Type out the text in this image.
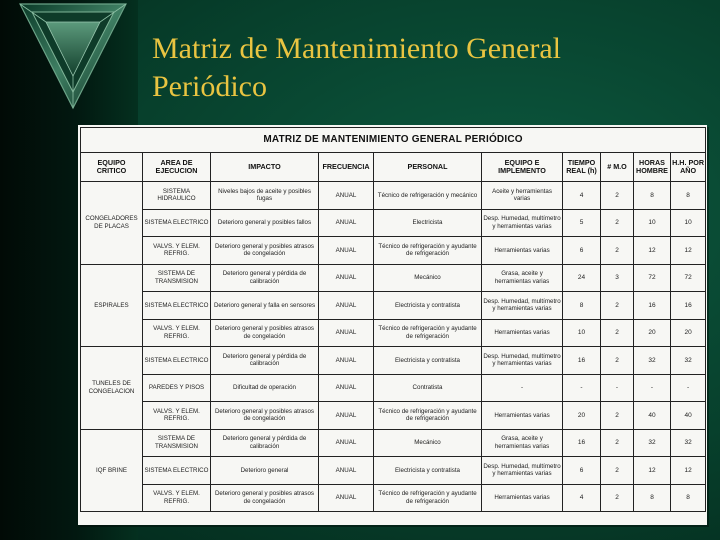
Matriz de Mantenimiento General
Periódico
MATRIZ DE MANTENIMIENTO GENERAL PERIÓDICO									
EQUIPO CRITICO	AREA DE EJECUCION	IMPACTO	FRECUENCIA	PERSONAL	EQUIPO E IMPLEMENTO	TIEMPO REAL (h)	# M.O	HORAS HOMBRE	H.H. POR AÑO
CONGELADORES DE PLACAS	SISTEMA HIDRAULICO	Niveles bajos de aceite y posibles fugas	ANUAL	Técnico de refrigeración y mecánico	Aceite y herramientas varias	4	2	8	8
	SISTEMA ELECTRICO	Deterioro general y posibles fallos	ANUAL	Electricista	Desp. Humedad, multímetro y herramientas varias	5	2	10	10
	VALVS. Y ELEM. REFRIG.	Deterioro general y posibles atrasos de congelación	ANUAL	Técnico de refrigeración y ayudante de refrigeración	Herramientas varias	6	2	12	12
ESPIRALES	SISTEMA DE TRANSMISION	Deterioro general y pérdida de calibración	ANUAL	Mecánico	Grasa, aceite y herramientas varias	24	3	72	72
	SISTEMA ELECTRICO	Deterioro general y falla en sensores	ANUAL	Electricista y contratista	Desp. Humedad, multímetro y herramientas varias	8	2	16	16
	VALVS. Y ELEM. REFRIG.	Deterioro general y posibles atrasos de congelación	ANUAL	Técnico de refrigeración y ayudante de refrigeración	Herramientas varias	10	2	20	20
TUNELES DE CONGELACION	SISTEMA ELECTRICO	Deterioro general y pérdida de calibración	ANUAL	Electricista y contratista	Desp. Humedad, multímetro y herramientas varias	16	2	32	32
	PAREDES Y PISOS	Dificultad de operación	ANUAL	Contratista	-	-	-	-	-
	VALVS. Y ELEM. REFRIG.	Deterioro general y posibles atrasos de congelación	ANUAL	Técnico de refrigeración y ayudante de refrigeración	Herramientas varias	20	2	40	40
IQF BRINE	SISTEMA DE TRANSMISION	Deterioro general y pérdida de calibración	ANUAL	Mecánico	Grasa, aceite y herramientas varias	16	2	32	32
	SISTEMA ELECTRICO	Deterioro general	ANUAL	Electricista y contratista	Desp. Humedad, multímetro y herramientas varias	6	2	12	12
	VALVS. Y ELEM. REFRIG.	Deterioro general y posibles atrasos de congelación	ANUAL	Técnico de refrigeración y ayudante de refrigeración	Herramientas varias	4	2	8	8
